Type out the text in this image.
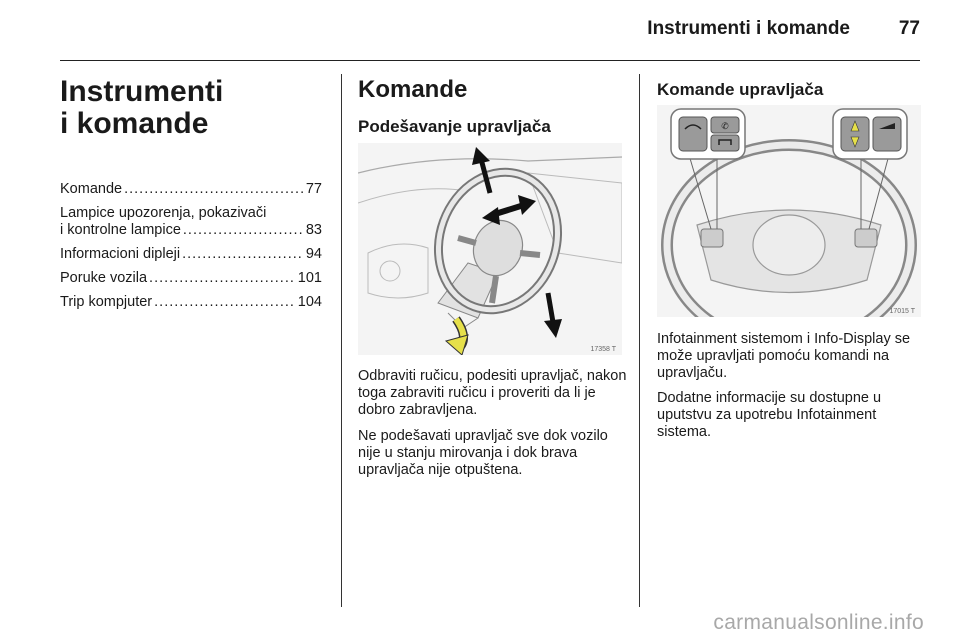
Instrumenti i komande	77
Instrumenti
i komande
Komande .....	77
Lampice upozorenja, pokazivači
i kontrolne lampice .....	83
Informacioni dipleji .....	94
Poruke vozila .....	101
Trip kompjuter .....	104
Komande
Podešavanje upravljača
17358 T
Odbraviti ručicu, podesiti upravljač, nakon toga zabraviti ručicu i proveriti da li je dobro zabravljena.
Ne podešavati upravljač sve dok vozilo nije u stanju mirovanja i dok brava upravljača nije otpuštena.
Komande upravljača
✆
17015 T
Infotainment sistemom i Info-Display se može upravljati pomoću komandi na upravljaču.
Dodatne informacije su dostupne u uputstvu za upotrebu Infotainment sistema.
carmanualsonline.info
